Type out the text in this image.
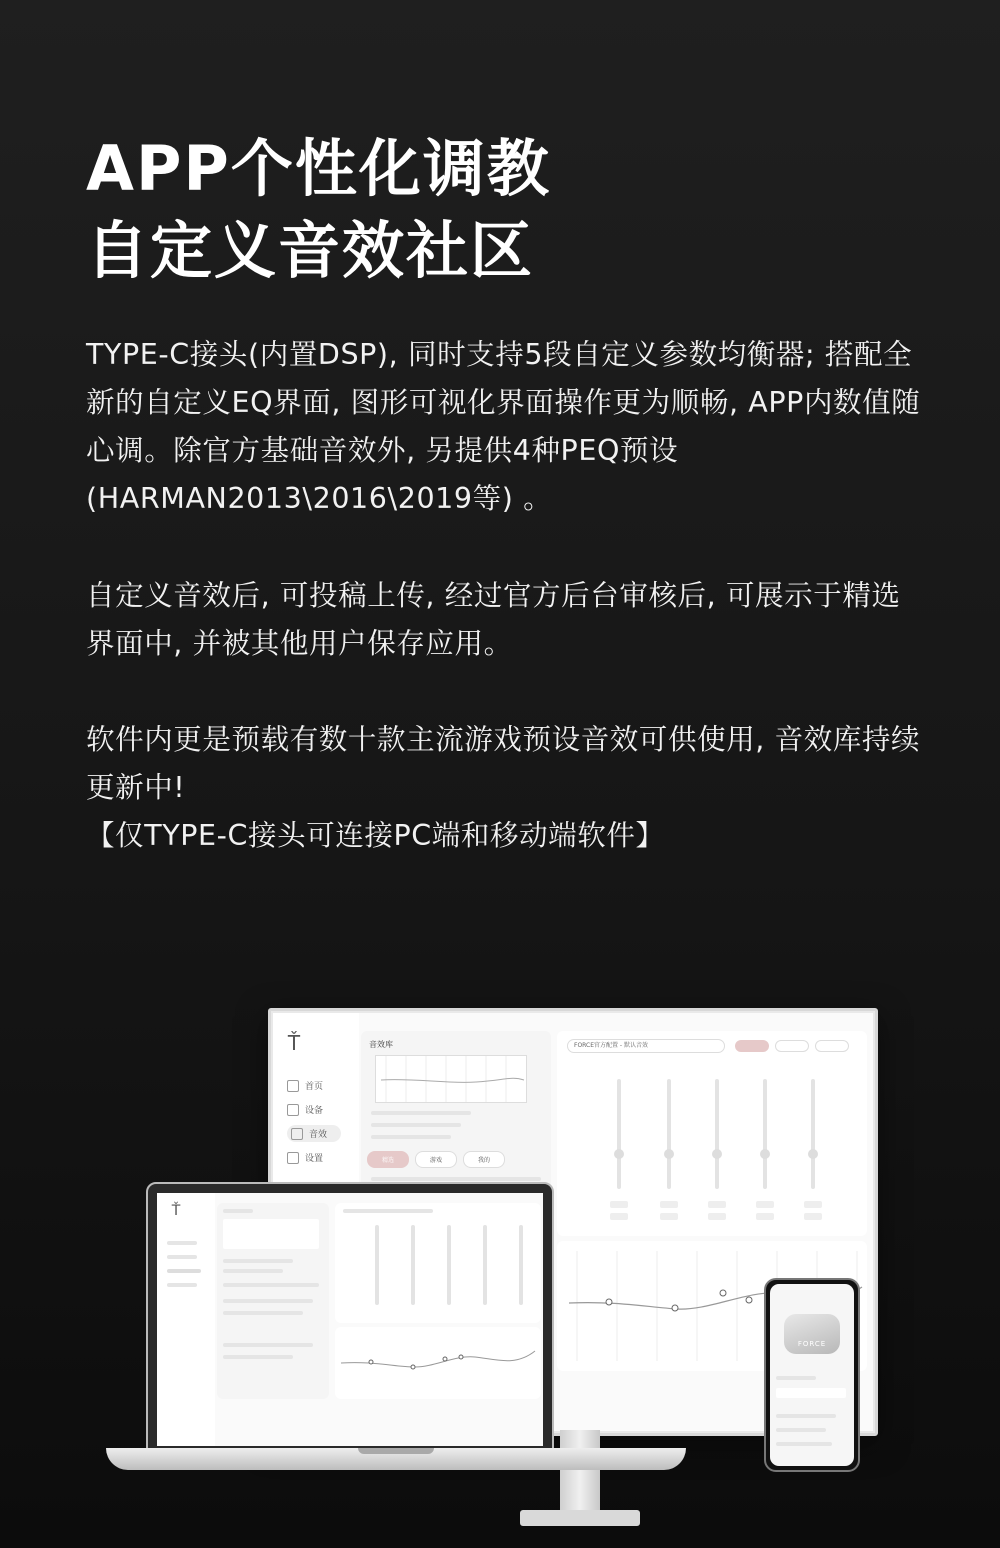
APP个性化调教
自定义音效社区

TYPE-C接头(内置DSP), 同时支持5段自定义参数均衡器; 搭配全新的自定义EQ界面, 图形可视化界面操作更为顺畅, APP内数值随心调。除官方基础音效外, 另提供4种PEQ预设 (HARMAN2013\2016\2019等) 。

自定义音效后, 可投稿上传, 经过官方后台审核后, 可展示于精选界面中, 并被其他用户保存应用。

软件内更是预载有数十款主流游戏预设音效可供使用, 音效库持续更新中!

【仅TYPE-C接头可连接PC端和移动端软件】

Ť
首页
设备
音效
设置
音效库
精选	游戏	我的
FORCE官方配置 - 默认音效
Ť
FORCE
